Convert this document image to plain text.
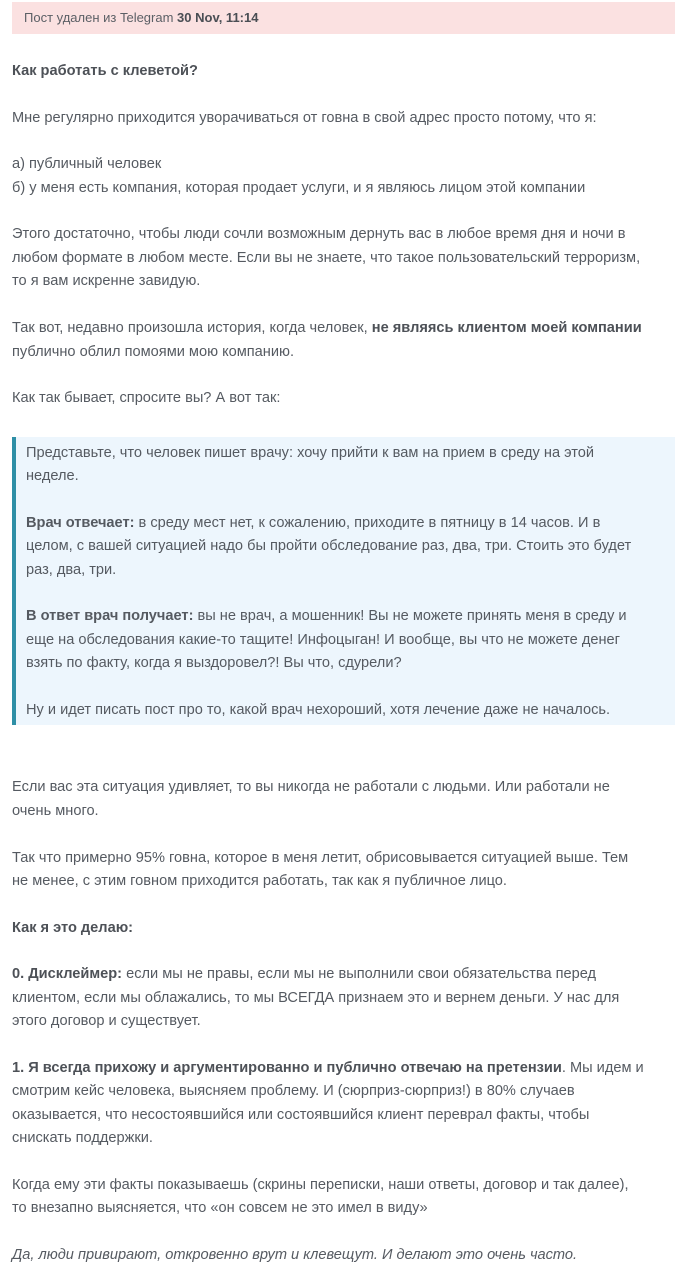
Пост удален из Telegram 30 Nov, 11:14

Как работать с клеветой?

Мне регулярно приходится уворачиваться от говна в свой адрес просто потому, что я:

а) публичный человек

б) у меня есть компания, которая продает услуги, и я являюсь лицом этой компании

Этого достаточно, чтобы люди сочли возможным дернуть вас в любое время дня и ночи в

любом формате в любом месте. Если вы не знаете, что такое пользовательский терроризм,

то я вам искренне завидую.

Так вот, недавно произошла история, когда человек, не являясь клиентом моей компании

публично облил помоями мою компанию.

Как так бывает, спросите вы? А вот так:

Представьте, что человек пишет врачу: хочу прийти к вам на прием в среду на этой

неделе.

Врач отвечает: в среду мест нет, к сожалению, приходите в пятницу в 14 часов. И в

целом, с вашей ситуацией надо бы пройти обследование раз, два, три. Стоить это будет

раз, два, три.

В ответ врач получает: вы не врач, а мошенник! Вы не можете принять меня в среду и

еще на обследования какие-то тащите! Инфоцыган! И вообще, вы что не можете денег

взять по факту, когда я выздоровел?! Вы что, сдурели?

Ну и идет писать пост про то, какой врач нехороший, хотя лечение даже не началось.

Если вас эта ситуация удивляет, то вы никогда не работали с людьми. Или работали не

очень много.

Так что примерно 95% говна, которое в меня летит, обрисовывается ситуацией выше. Тем

не менее, с этим говном приходится работать, так как я публичное лицо.

Как я это делаю:

0. Дисклеймер: если мы не правы, если мы не выполнили свои обязательства перед

клиентом, если мы облажались, то мы ВСЕГДА признаем это и вернем деньги. У нас для

этого договор и существует.

1. Я всегда прихожу и аргументированно и публично отвечаю на претензии. Мы идем и

смотрим кейс человека, выясняем проблему. И (сюрприз-сюрприз!) в 80% случаев

оказывается, что несостоявшийся или состоявшийся клиент переврал факты, чтобы

снискать поддержки.

Когда ему эти факты показываешь (скрины переписки, наши ответы, договор и так далее),

то внезапно выясняется, что «он совсем не это имел в виду»

Да, люди привирают, откровенно врут и клевещут. И делают это очень часто.
